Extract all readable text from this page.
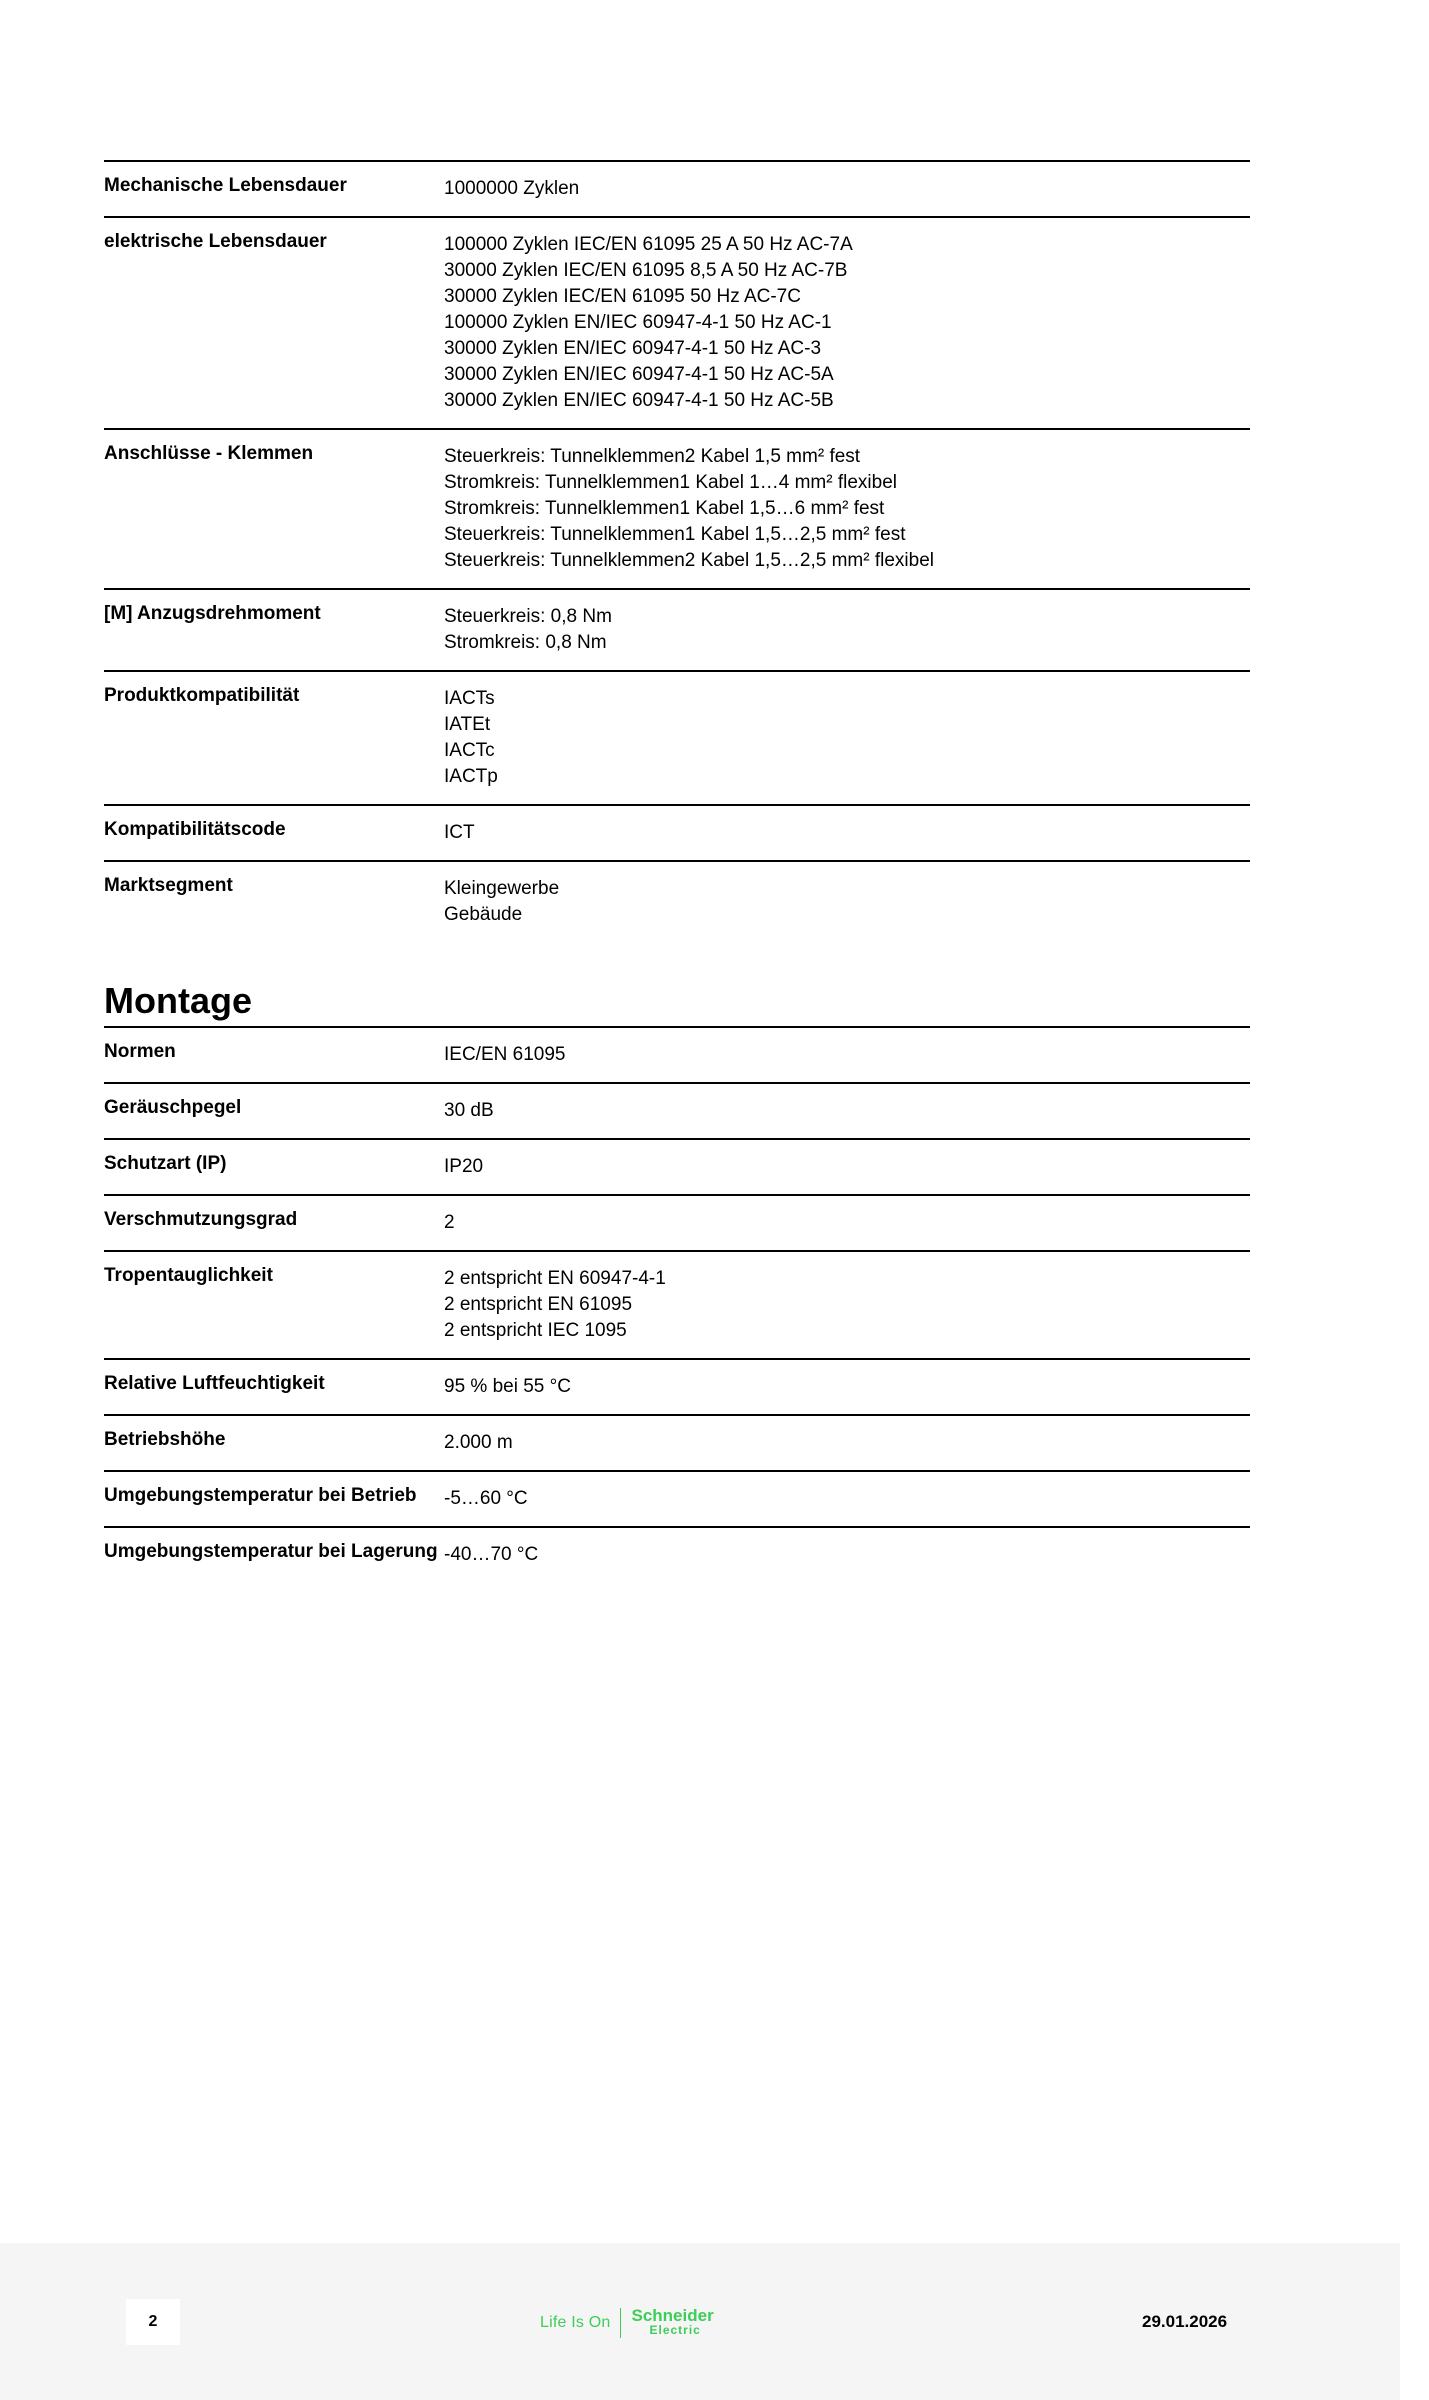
Mechanische Lebensdauer	1000000 Zyklen
elektrische Lebensdauer	100000 Zyklen IEC/EN 61095 25 A 50 Hz AC-7A
30000 Zyklen IEC/EN 61095 8,5 A 50 Hz AC-7B
30000 Zyklen IEC/EN 61095 50 Hz AC-7C
100000 Zyklen EN/IEC 60947-4-1 50 Hz AC-1
30000 Zyklen EN/IEC 60947-4-1 50 Hz AC-3
30000 Zyklen EN/IEC 60947-4-1 50 Hz AC-5A
30000 Zyklen EN/IEC 60947-4-1 50 Hz AC-5B
Anschlüsse - Klemmen	Steuerkreis: Tunnelklemmen2 Kabel 1,5 mm² fest
Stromkreis: Tunnelklemmen1 Kabel 1…4 mm² flexibel
Stromkreis: Tunnelklemmen1 Kabel 1,5…6 mm² fest
Steuerkreis: Tunnelklemmen1 Kabel 1,5…2,5 mm² fest
Steuerkreis: Tunnelklemmen2 Kabel 1,5…2,5 mm² flexibel
[M] Anzugsdrehmoment	Steuerkreis: 0,8 Nm
Stromkreis: 0,8 Nm
Produktkompatibilität	IACTs
IATEt
IACTc
IACTp
Kompatibilitätscode	ICT
Marktsegment	Kleingewerbe
Gebäude
Montage
Normen	IEC/EN 61095
Geräuschpegel	30 dB
Schutzart (IP)	IP20
Verschmutzungsgrad	2
Tropentauglichkeit	2 entspricht EN 60947-4-1
2 entspricht EN 61095
2 entspricht IEC 1095
Relative Luftfeuchtigkeit	95 % bei 55 °C
Betriebshöhe	2.000 m
Umgebungstemperatur bei Betrieb	-5…60 °C
Umgebungstemperatur bei Lagerung -40…70 °C
2	Life Is On Schneider
Electric	29.01.2026
